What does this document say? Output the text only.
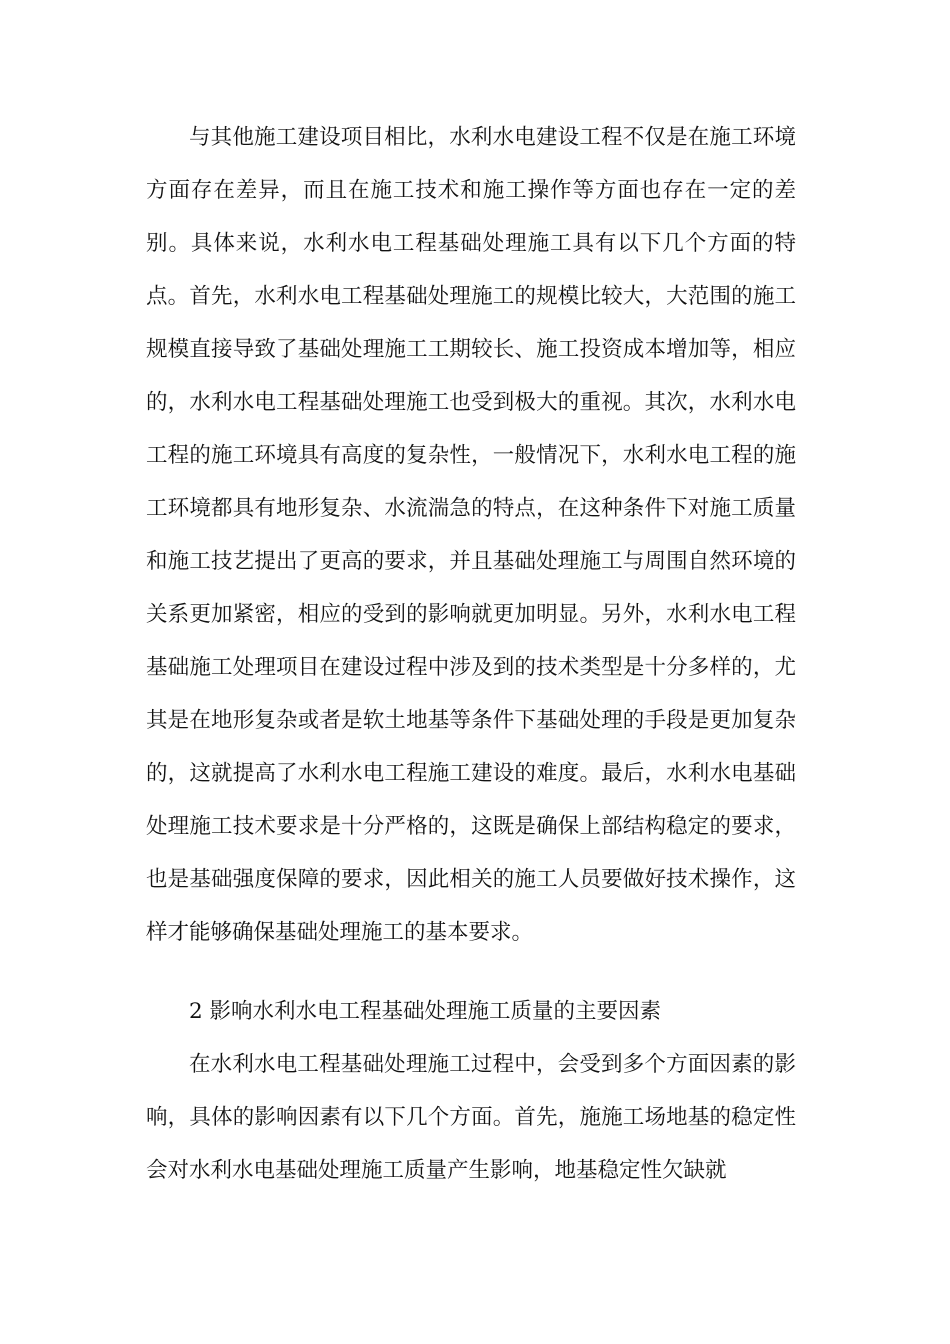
与其他施工建设项目相比，水利水电建设工程不仅是在施工环境方面存在差异，而且在施工技术和施工操作等方面也存在一定的差别。具体来说，水利水电工程基础处理施工具有以下几个方面的特点。首先，水利水电工程基础处理施工的规模比较大，大范围的施工规模直接导致了基础处理施工工期较长、施工投资成本增加等，相应的，水利水电工程基础处理施工也受到极大的重视。其次，水利水电工程的施工环境具有高度的复杂性，一般情况下，水利水电工程的施工环境都具有地形复杂、水流湍急的特点，在这种条件下对施工质量和施工技艺提出了更高的要求，并且基础处理施工与周围自然环境的关系更加紧密，相应的受到的影响就更加明显。另外，水利水电工程基础施工处理项目在建设过程中涉及到的技术类型是十分多样的，尤其是在地形复杂或者是软土地基等条件下基础处理的手段是更加复杂的，这就提高了水利水电工程施工建设的难度。最后，水利水电基础处理施工技术要求是十分严格的，这既是确保上部结构稳定的要求，也是基础强度保障的要求，因此相关的施工人员要做好技术操作，这样才能够确保基础处理施工的基本要求。

2 影响水利水电工程基础处理施工质量的主要因素

在水利水电工程基础处理施工过程中，会受到多个方面因素的影响，具体的影响因素有以下几个方面。首先，施施工场地基的稳定性会对水利水电基础处理施工质量产生影响，地基稳定性欠缺就
